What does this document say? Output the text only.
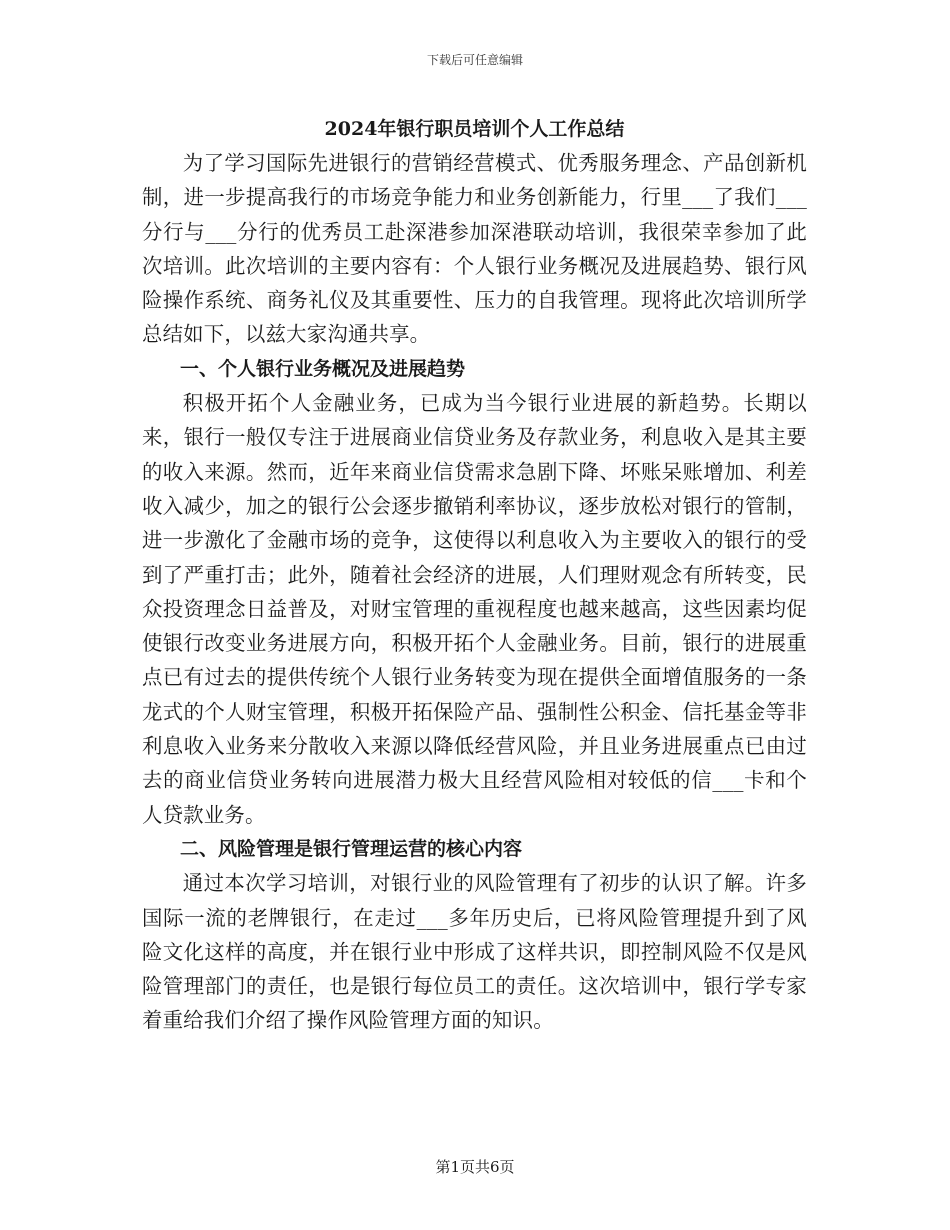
下载后可任意编辑
2024年银行职员培训个人工作总结

为了学习国际先进银行的营销经营模式、优秀服务理念、产品创新机制，进一步提高我行的市场竞争能力和业务创新能力，行里___了我们___分行与___分行的优秀员工赴深港参加深港联动培训，我很荣幸参加了此次培训。此次培训的主要内容有：个人银行业务概况及进展趋势、银行风险操作系统、商务礼仪及其重要性、压力的自我管理。现将此次培训所学总结如下，以兹大家沟通共享。

一、个人银行业务概况及进展趋势

积极开拓个人金融业务，已成为当今银行业进展的新趋势。长期以来，银行一般仅专注于进展商业信贷业务及存款业务，利息收入是其主要的收入来源。然而，近年来商业信贷需求急剧下降、坏账呆账增加、利差收入减少，加之的银行公会逐步撤销利率协议，逐步放松对银行的管制，进一步激化了金融市场的竞争，这使得以利息收入为主要收入的银行的受到了严重打击；此外，随着社会经济的进展，人们理财观念有所转变，民众投资理念日益普及，对财宝管理的重视程度也越来越高，这些因素均促使银行改变业务进展方向，积极开拓个人金融业务。目前，银行的进展重点已有过去的提供传统个人银行业务转变为现在提供全面增值服务的一条龙式的个人财宝管理，积极开拓保险产品、强制性公积金、信托基金等非利息收入业务来分散收入来源以降低经营风险，并且业务进展重点已由过去的商业信贷业务转向进展潜力极大且经营风险相对较低的信___卡和个人贷款业务。

二、风险管理是银行管理运营的核心内容

通过本次学习培训，对银行业的风险管理有了初步的认识了解。许多国际一流的老牌银行，在走过___多年历史后，已将风险管理提升到了风险文化这样的高度，并在银行业中形成了这样共识，即控制风险不仅是风险管理部门的责任，也是银行每位员工的责任。这次培训中，银行学专家着重给我们介绍了操作风险管理方面的知识。

第1页共6页
